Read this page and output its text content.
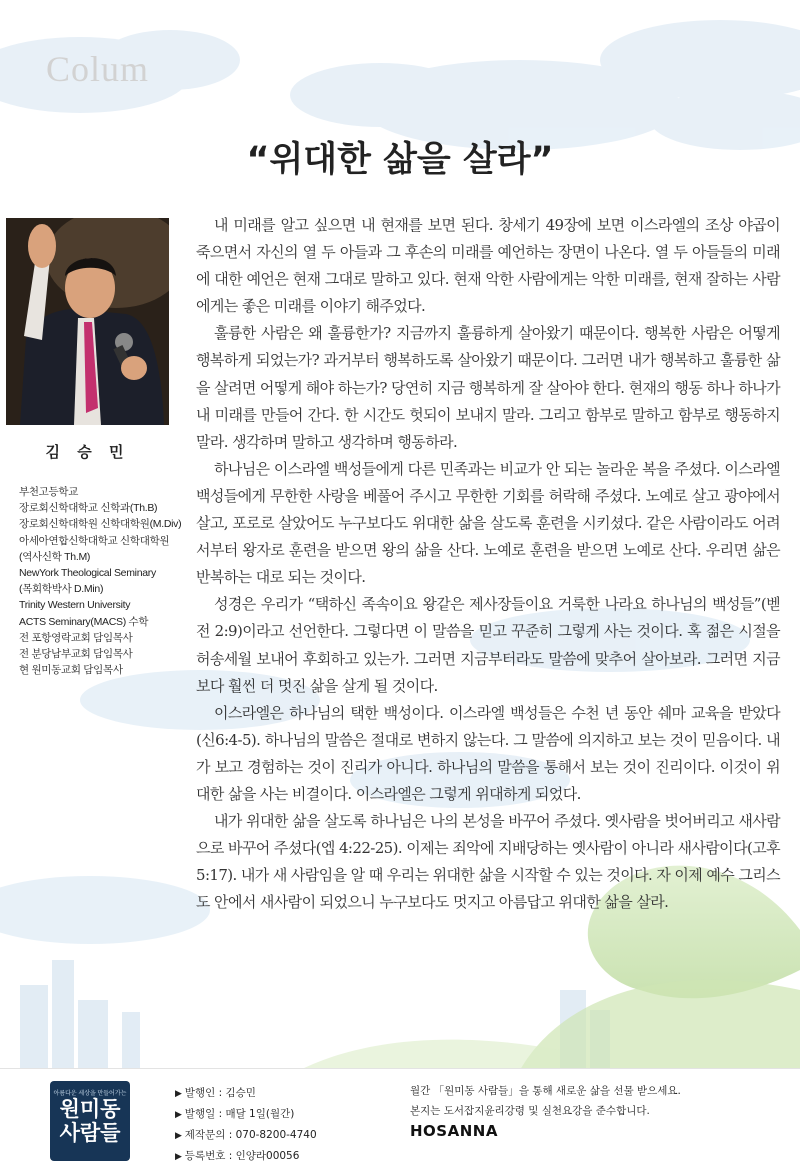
Colum
“위대한 삶을 살라”
김 승 민
부천고등학교
장로회신학대학교 신학과(Th.B)
장로회신학대학원 신학대학원(M.Div)
아세아연합신학대학교 신학대학원
(역사신학 Th.M)
NewYork Theological Seminary
(목회학박사 D.Min)
Trinity Western University
ACTS Seminary(MACS) 수학
전 포항영락교회 담임목사
전 분당남부교회 담임목사
현 원미동교회 담임목사

내 미래를 알고 싶으면 내 현재를 보면 된다. 창세기 49장에 보면 이스라엘의 조상 야곱이 죽으면서 자신의 열 두 아들과 그 후손의 미래를 예언하는 장면이 나온다. 열 두 아들들의 미래에 대한 예언은 현재 그대로 말하고 있다. 현재 악한 사람에게는 악한 미래를, 현재 잘하는 사람에게는 좋은 미래를 이야기 해주었다.

훌륭한 사람은 왜 훌륭한가? 지금까지 훌륭하게 살아왔기 때문이다. 행복한 사람은 어떻게 행복하게 되었는가? 과거부터 행복하도록 살아왔기 때문이다. 그러면 내가 행복하고 훌륭한 삶을 살려면 어떻게 해야 하는가? 당연히 지금 행복하게 잘 살아야 한다. 현재의 행동 하나 하나가 내 미래를 만들어 간다. 한 시간도 헛되이 보내지 말라. 그리고 함부로 말하고 함부로 행동하지 말라. 생각하며 말하고 생각하며 행동하라.

하나님은 이스라엘 백성들에게 다른 민족과는 비교가 안 되는 놀라운 복을 주셨다. 이스라엘 백성들에게 무한한 사랑을 베풀어 주시고 무한한 기회를 허락해 주셨다. 노예로 살고 광야에서 살고, 포로로 살았어도 누구보다도 위대한 삶을 살도록 훈련을 시키셨다. 같은 사람이라도 어려서부터 왕자로 훈련을 받으면 왕의 삶을 산다. 노예로 훈련을 받으면 노예로 산다. 우리면 삶은 반복하는 대로 되는 것이다.

성경은 우리가 “택하신 족속이요 왕같은 제사장들이요 거룩한 나라요 하나님의 백성들”(벧전 2:9)이라고 선언한다. 그렇다면 이 말씀을 믿고 꾸준히 그렇게 사는 것이다. 혹 젊은 시절을 허송세월 보내어 후회하고 있는가. 그러면 지금부터라도 말씀에 맞추어 살아보라. 그러면 지금보다 훨씬 더 멋진 삶을 살게 될 것이다.

이스라엘은 하나님의 택한 백성이다. 이스라엘 백성들은 수천 년 동안 쉐마 교육을 받았다(신6:4-5). 하나님의 말씀은 절대로 변하지 않는다. 그 말씀에 의지하고 보는 것이 믿음이다. 내가 보고 경험하는 것이 진리가 아니다. 하나님의 말씀을 통해서 보는 것이 진리이다. 이것이 위대한 삶을 사는 비결이다. 이스라엘은 그렇게 위대하게 되었다.

내가 위대한 삶을 살도록 하나님은 나의 본성을 바꾸어 주셨다. 옛사람을 벗어버리고 새사람으로 바꾸어 주셨다(엡 4:22-25). 이제는 죄악에 지배당하는 옛사람이 아니라 새사람이다(고후 5:17). 내가 새 사람임을 알 때 우리는 위대한 삶을 시작할 수 있는 것이다. 자 이제 예수 그리스도 안에서 새사람이 되었으니 누구보다도 멋지고 아름답고 위대한 삶을 살라.

아름다운 세상을 만들어가는
원미동
사람들
▶ 발행인 : 김승민
▶ 발행일 : 매달 1일(월간)
▶ 제작문의 : 070-8200-4740
▶ 등록번호 : 인양라00056
월간 「원미동 사람들」을 통해 새로운 삶을 선물 받으세요.
본지는 도서잡지윤리강령 및 실천요강을 준수합니다.
HOSANNA
